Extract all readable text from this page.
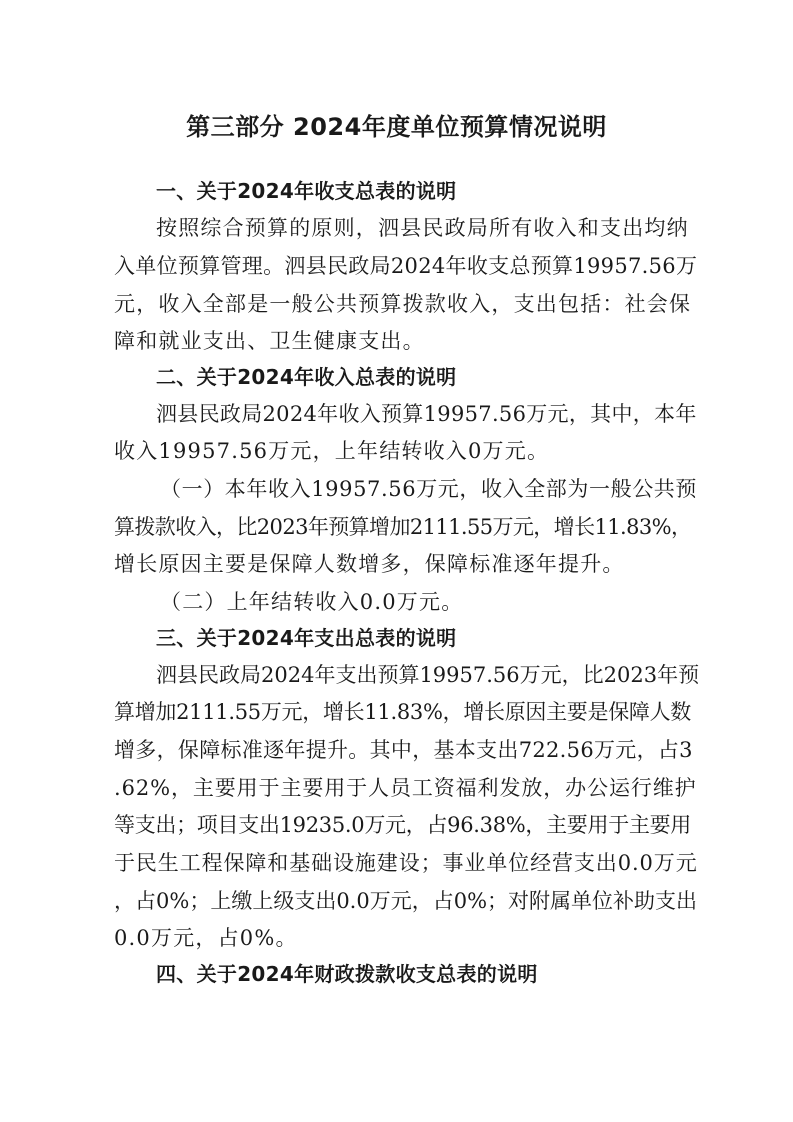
第三部分 2024年度单位预算情况说明
一、关于2024年收支总表的说明
按照综合预算的原则，泗县民政局所有收入和支出均纳
入单位预算管理。泗县民政局2024年收支总预算19957.56万
元，收入全部是一般公共预算拨款收入，支出包括：社会保
障和就业支出、卫生健康支出。
二、关于2024年收入总表的说明
泗县民政局2024年收入预算19957.56万元，其中，本年
收入19957.56万元，上年结转收入0万元。
（一）本年收入19957.56万元，收入全部为一般公共预
算拨款收入，比2023年预算增加2111.55万元，增长11.83%，
增长原因主要是保障人数增多，保障标准逐年提升。
（二）上年结转收入0.0万元。
三、关于2024年支出总表的说明
泗县民政局2024年支出预算19957.56万元，比2023年预
算增加2111.55万元，增长11.83%，增长原因主要是保障人数
增多，保障标准逐年提升。其中，基本支出722.56万元，占3
.62%，主要用于主要用于人员工资福利发放，办公运行维护
等支出；项目支出19235.0万元，占96.38%，主要用于主要用
于民生工程保障和基础设施建设；事业单位经营支出0.0万元
，占0%；上缴上级支出0.0万元，占0%；对附属单位补助支出
0.0万元，占0%。
四、关于2024年财政拨款收支总表的说明
